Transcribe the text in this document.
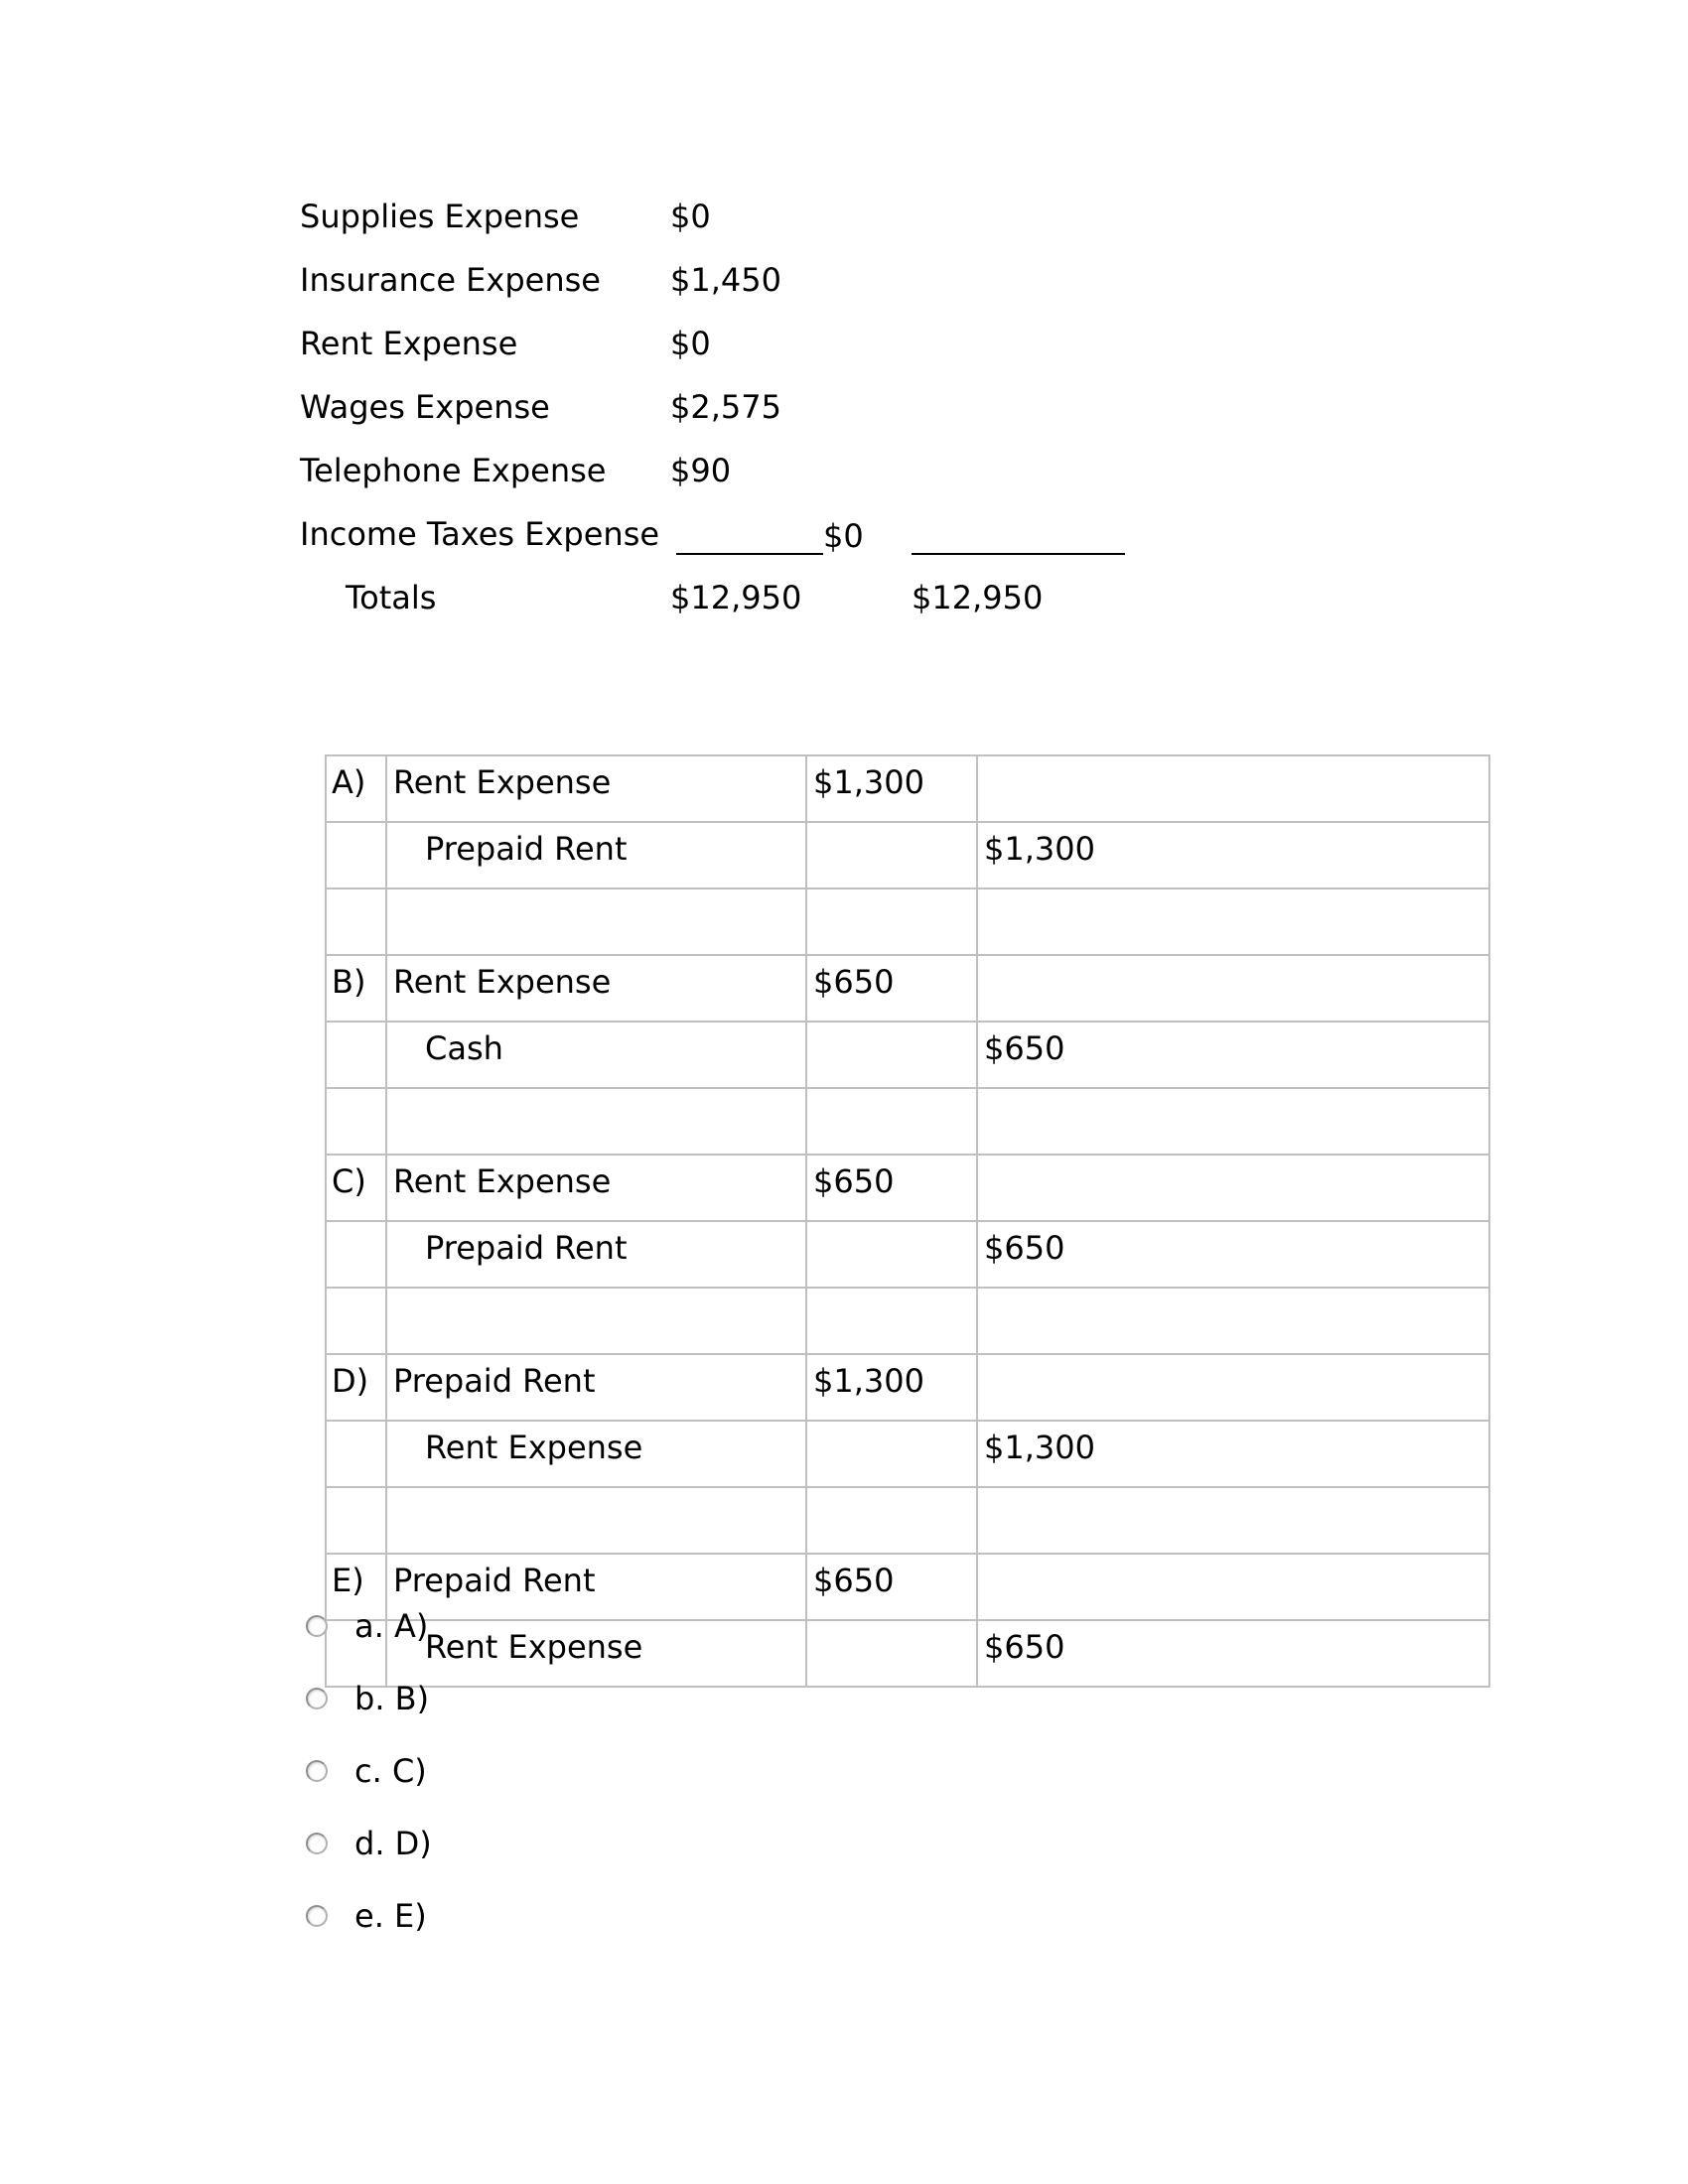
Supplies Expense	$0
Insurance Expense	$1,450
Rent Expense	$0
Wages Expense	$2,575
Telephone Expense	$90
Income Taxes Expense	$0
Totals	$12,950	$12,950
A)	Rent Expense	$1,300	
	Prepaid Rent		$1,300

B)	Rent Expense	$650	
	Cash		$650

C)	Rent Expense	$650	
	Prepaid Rent		$650

D)	Prepaid Rent	$1,300	
	Rent Expense		$1,300

E)	Prepaid Rent	$650	
	Rent Expense		$650
a. A)
b. B)
c. C)
d. D)
e. E)
